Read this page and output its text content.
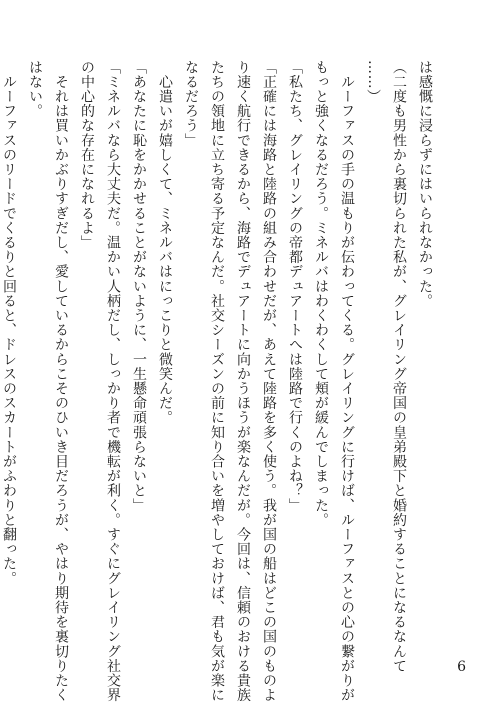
は感慨に浸らずにはいられなかった。
（二度も男性から裏切られた私が、グレイリング帝国の皇弟殿下と婚約することになるなんて
……）
　ルーファスの手の温もりが伝わってくる。グレイリングに行けば、ルーファスとの心の繋がりが
もっと強くなるだろう。ミネルバはわくわくして頬が緩んでしまった。
「私たち、グレイリングの帝都デュアートへは陸路で行くのよね？」
「正確には海路と陸路の組み合わせだが、あえて陸路を多く使う。我が国の船はどこの国のものよ
り速く航行できるから、海路でデュアートに向かうほうが楽なんだが。今回は、信頼のおける貴族
たちの領地に立ち寄る予定なんだ。社交シーズンの前に知り合いを増やしておけば、君も気が楽に
なるだろう」
　心遣いが嬉しくて、ミネルバはにっこりと微笑んだ。
「あなたに恥をかかせることがないように、一生懸命頑張らないと」
「ミネルバなら大丈夫だ。温かい人柄だし、しっかり者で機転が利く。すぐにグレイリング社交界
の中心的な存在になれるよ」
　それは買いかぶりすぎだし、愛しているからこそのひいき目だろうが、やはり期待を裏切りたく
はない。
　ルーファスのリードでくるりと回ると、ドレスのスカートがふわりと翻った。
6
